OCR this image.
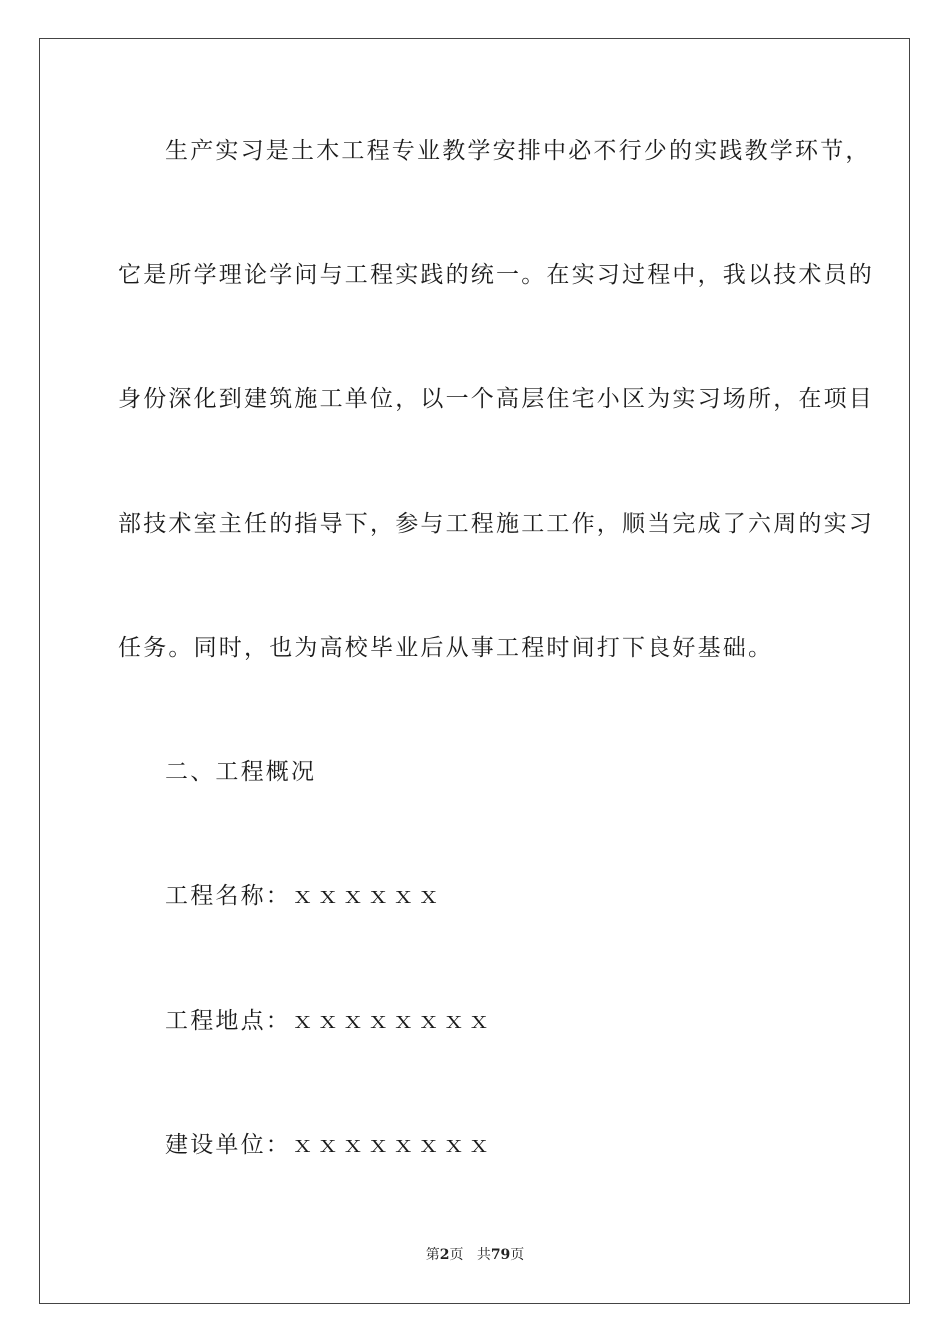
生产实习是土木工程专业教学安排中必不行少的实践教学环节，
它是所学理论学问与工程实践的统一。在实习过程中，我以技术员的
身份深化到建筑施工单位，以一个高层住宅小区为实习场所，在项目
部技术室主任的指导下，参与工程施工工作，顺当完成了六周的实习
任务。同时，也为高校毕业后从事工程时间打下良好基础。
二、工程概况
工程名称：ｘｘｘｘｘｘ
工程地点：ｘｘｘｘｘｘｘｘ
建设单位：ｘｘｘｘｘｘｘｘ
第2页 共79页
